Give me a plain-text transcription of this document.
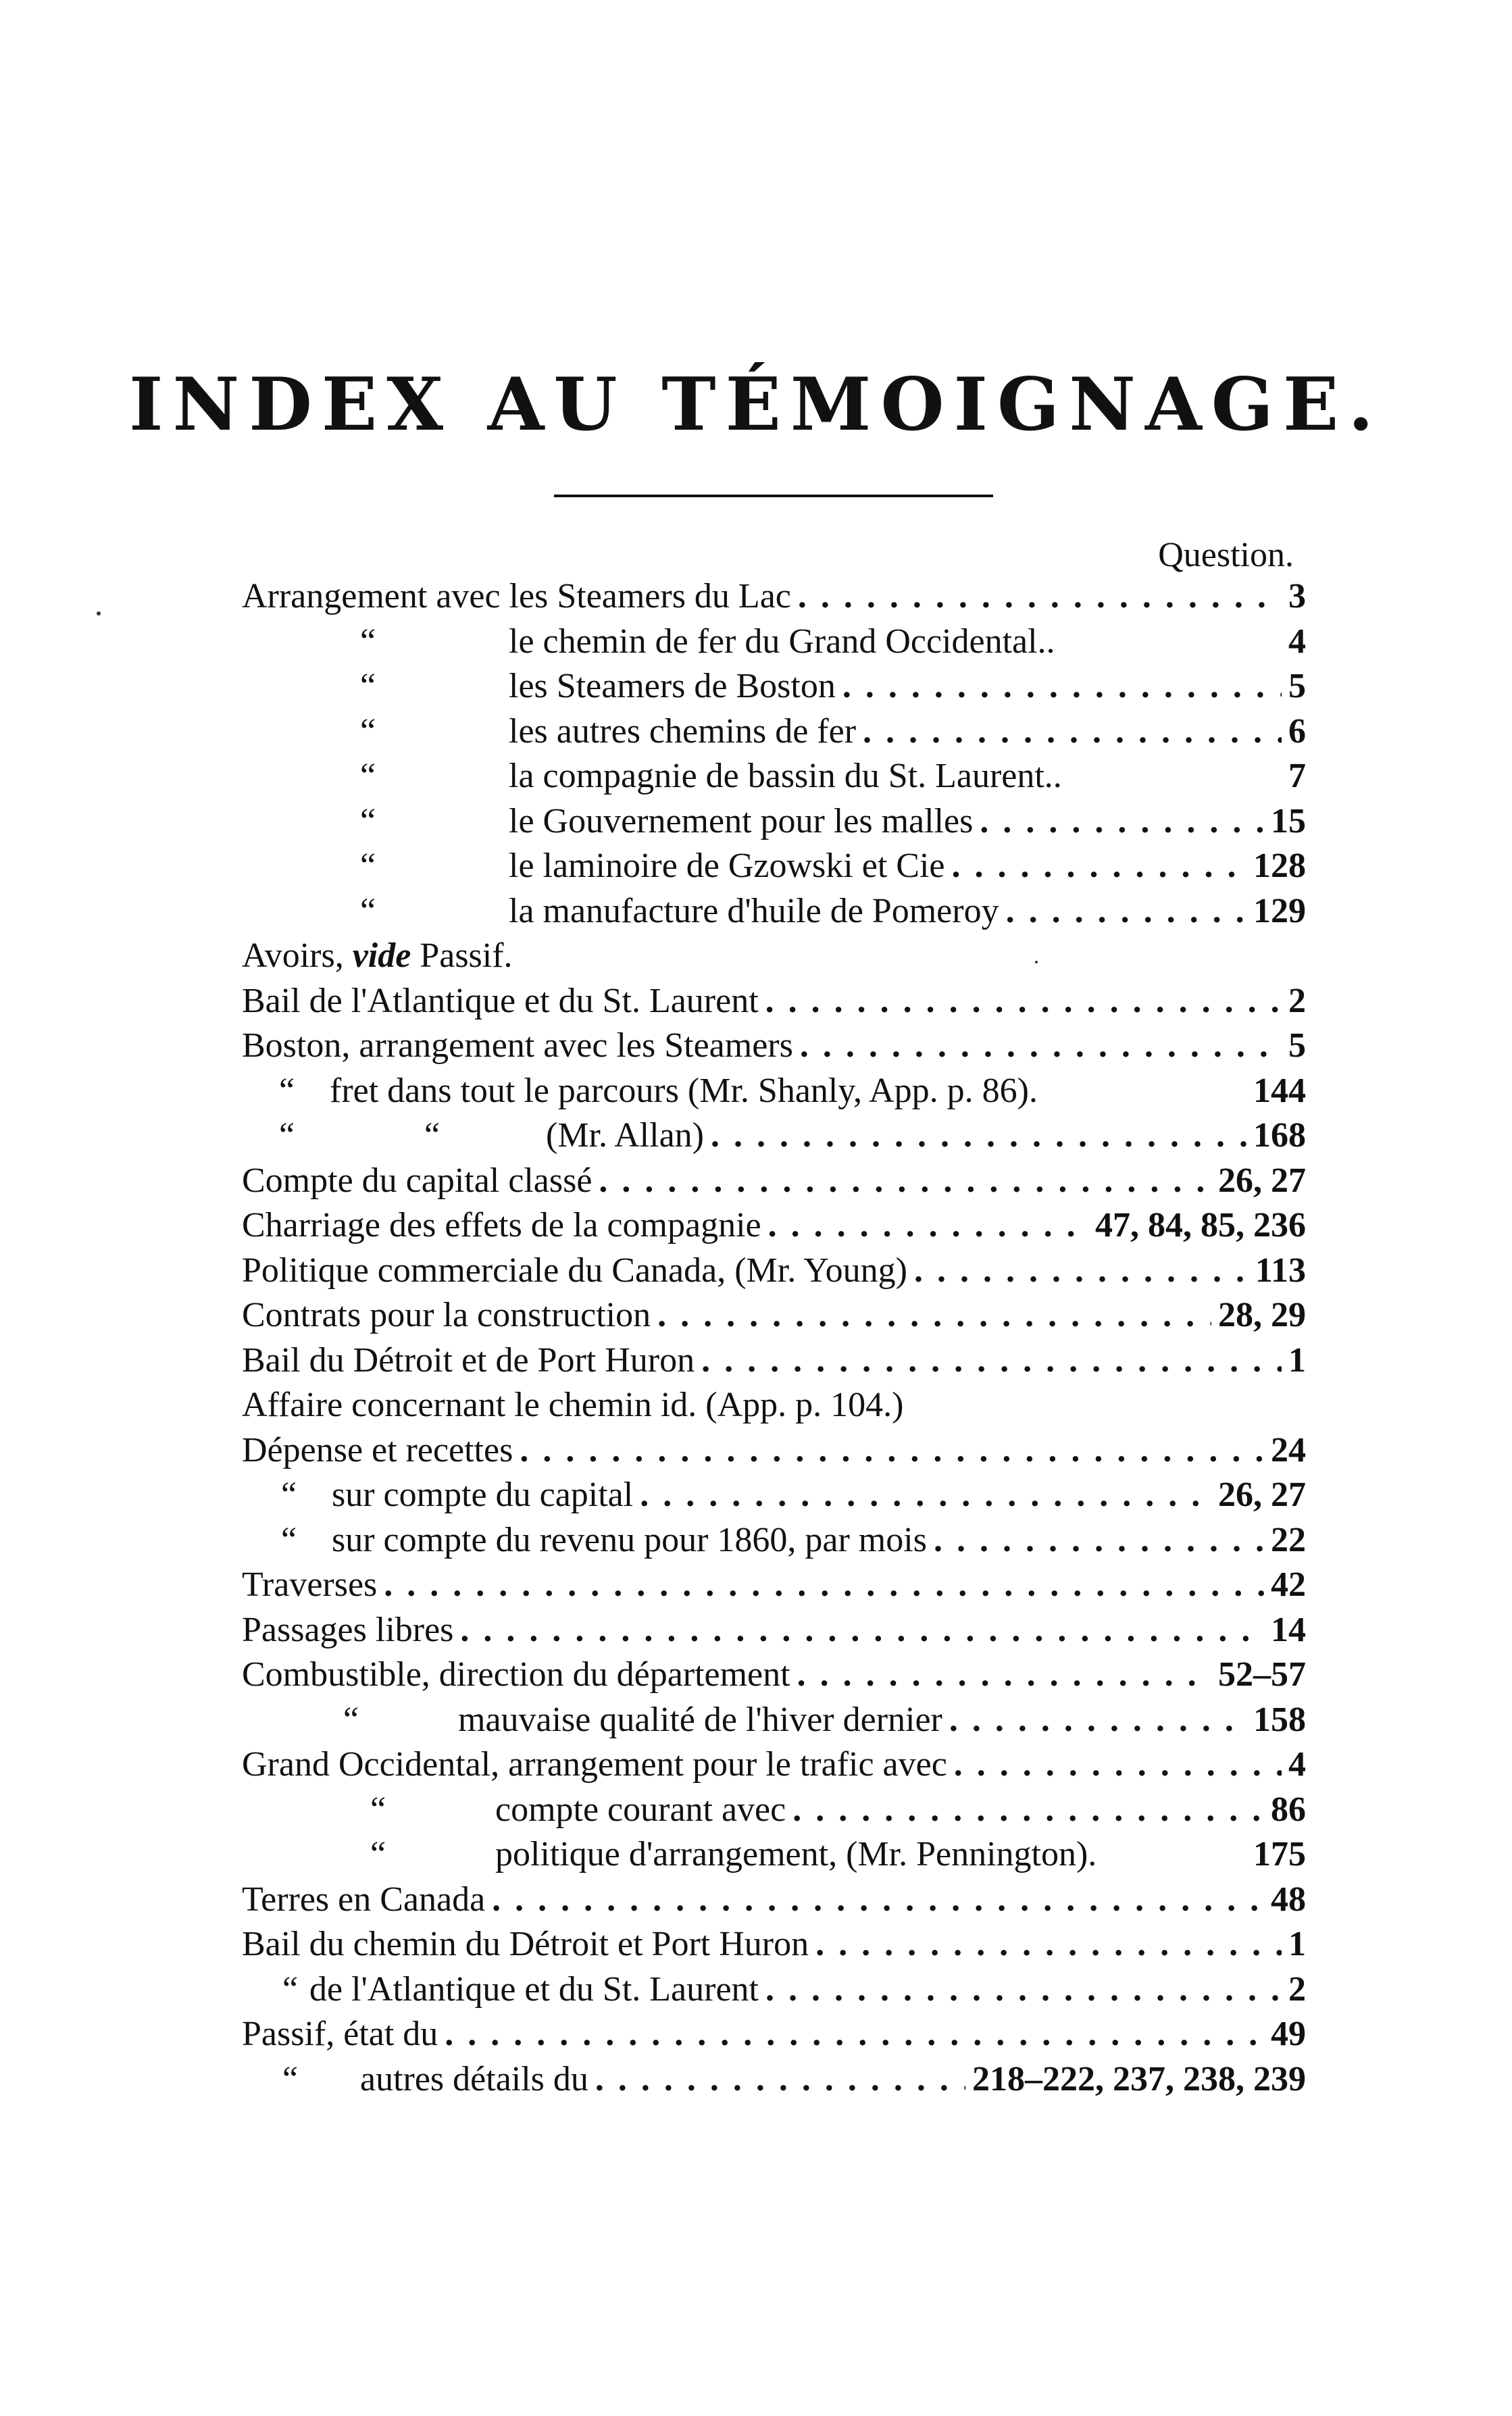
INDEX AU TÉMOIGNAGE.
Question.
Arrangement avec les Steamers du Lac . . .	3
“	le chemin de fer du Grand Occidental..	4
“	les Steamers de Boston . . .	5
“	les autres chemins de fer . . .	6
“	la compagnie de bassin du St. Laurent..	7
“	le Gouvernement pour les malles . . .	15
“	le laminoire de Gzowski et Cie . . .	128
“	la manufacture d'huile de Pomeroy . . .	129
Avoirs, vide Passif.
Bail de l'Atlantique et du St. Laurent . . .	2
Boston, arrangement avec les Steamers . . .	5
“ fret dans tout le parcours (Mr. Shanly, App. p. 86).	144
“	“	(Mr. Allan) . . .	168
Compte du capital classé . . .	26, 27
Charriage des effets de la compagnie . . .	47, 84, 85, 236
Politique commerciale du Canada, (Mr. Young) . . .	113
Contrats pour la construction . . .	28, 29
Bail du Détroit et de Port Huron . . .	1
Affaire concernant le chemin id. (App. p. 104.)
Dépense et recettes . . .	24
“ sur compte du capital . . .	26, 27
“ sur compte du revenu pour 1860, par mois . . .	22
Traverses . . .	42
Passages libres . . .	14
Combustible, direction du département . . .	52–57
“	mauvaise qualité de l'hiver dernier . . .	158
Grand Occidental, arrangement pour le trafic avec . . .	4
“	compte courant avec . . .	86
“	politique d'arrangement, (Mr. Pennington).	175
Terres en Canada . . .	48
Bail du chemin du Détroit et Port Huron . . .	1
“ de l'Atlantique et du St. Laurent . . .	2
Passif, état du . . .	49
“	autres détails du . . .	218–222, 237, 238, 239
